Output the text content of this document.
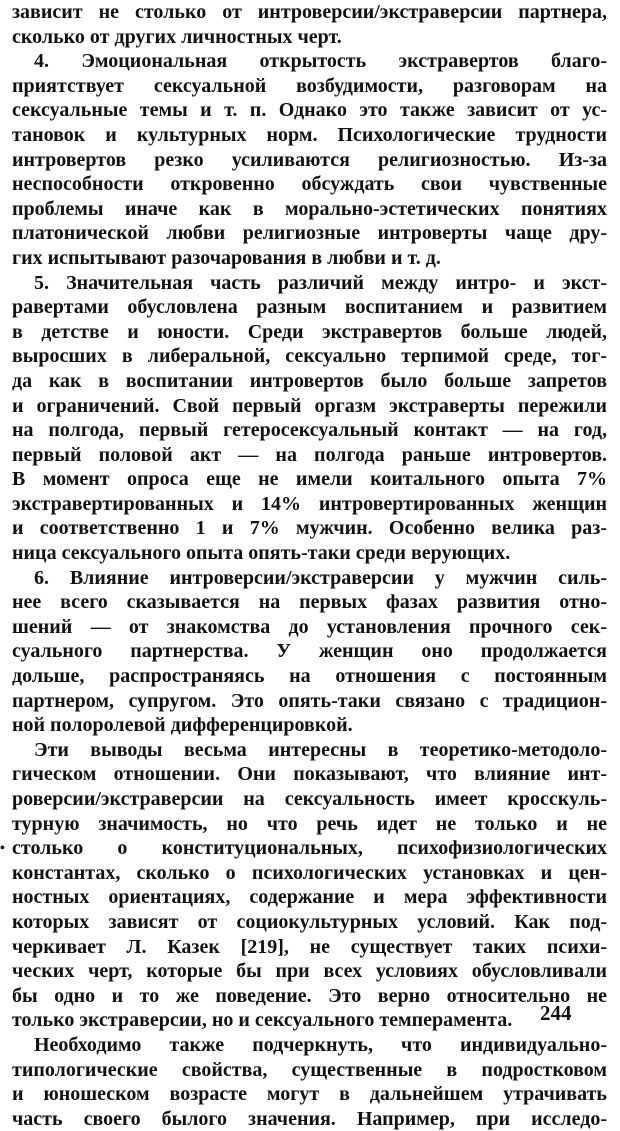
зависит не столько от интроверсии/экстраверсии партнера,
сколько от других личностных черт.
4. Эмоциональная открытость экстравертов благо-
приятствует сексуальной возбудимости, разговорам на
сексуальные темы и т. п. Однако это также зависит от ус-
тановок и культурных норм. Психологические трудности
интровертов резко усиливаются религиозностью. Из-за
неспособности откровенно обсуждать свои чувственные
проблемы иначе как в морально-эстетических понятиях
платонической любви религиозные интроверты чаще дру-
гих испытывают разочарования в любви и т. д.
5. Значительная часть различий между интро- и экст-
равертами обусловлена разным воспитанием и развитием
в детстве и юности. Среди экстравертов больше людей,
выросших в либеральной, сексуально терпимой среде, тог-
да как в воспитании интровертов было больше запретов
и ограничений. Свой первый оргазм экстраверты пережили
на полгода, первый гетеросексуальный контакт — на год,
первый половой акт — на полгода раньше интровертов.
В момент опроса еще не имели коитального опыта 7%
экстравертированных и 14% интровертированных женщин
и соответственно 1 и 7% мужчин. Особенно велика раз-
ница сексуального опыта опять-таки среди верующих.
6. Влияние интроверсии/экстраверсии у мужчин силь-
нее всего сказывается на первых фазах развития отно-
шений — от знакомства до установления прочного сек-
суального партнерства. У женщин оно продолжается
дольше, распространяясь на отношения с постоянным
партнером, супругом. Это опять-таки связано с традицион-
ной полоролевой дифференцировкой.
Эти выводы весьма интересны в теоретико-методоло-
гическом отношении. Они показывают, что влияние инт-
роверсии/экстраверсии на сексуальность имеет кросскуль-
турную значимость, но что речь идет не только и не
столько о конституциональных, психофизиологических
константах, сколько о психологических установках и цен-
ностных ориентациях, содержание и мера эффективности
которых зависят от социокультурных условий. Как под-
черкивает Л. Казек [219], не существует таких психи-
ческих черт, которые бы при всех условиях обусловливали
бы одно и то же поведение. Это верно относительно не
только экстраверсии, но и сексуального темперамента.
Необходимо также подчеркнуть, что индивидуально-
типологические свойства, существенные в подростковом
и юношеском возрасте могут в дальнейшем утрачивать
часть своего былого значения. Например, при исследо-
•
244
